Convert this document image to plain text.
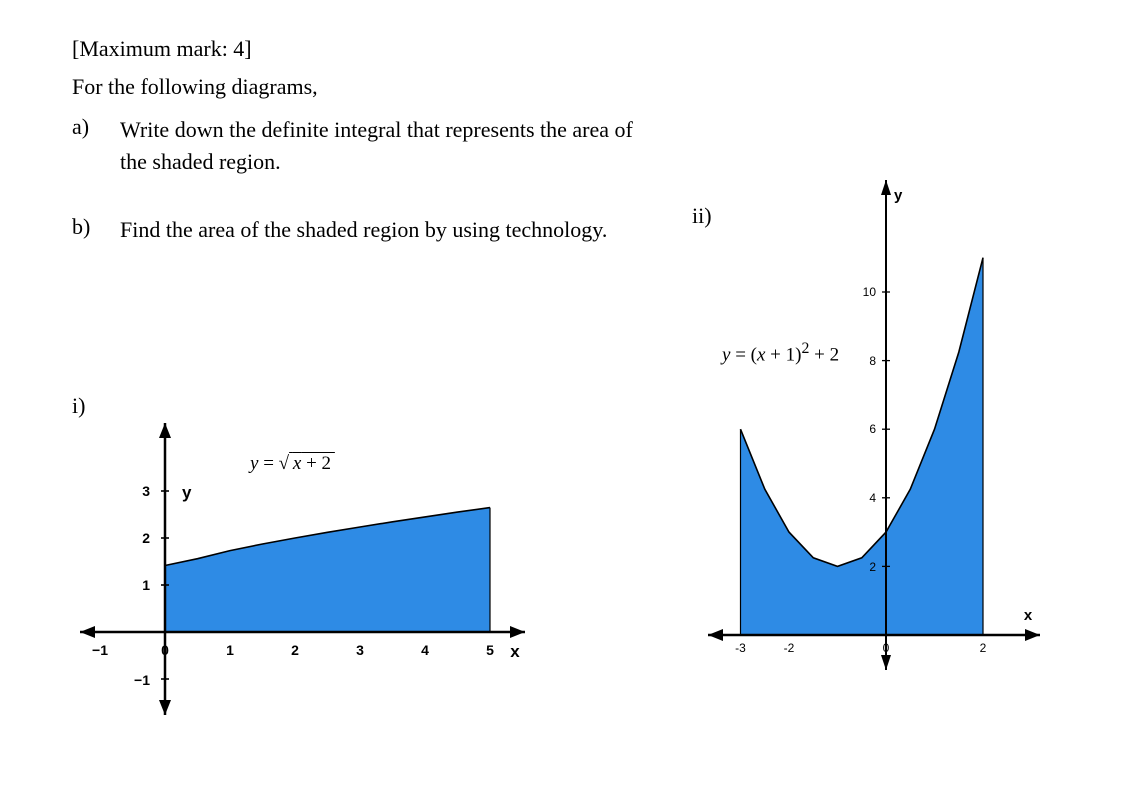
[Maximum mark: 4]
For the following diagrams,
a) Write down the definite integral that represents the area of the shaded region.
b) Find the area of the shaded region by using technology.
i)
y = √  x + 2 
3
2
1
−1
y
−1	0	1	2	3	4	5 x
ii)
$y = (x + 1)^2 + 2$
2
4
6
8
10
y
-3	-2	0	2
x
